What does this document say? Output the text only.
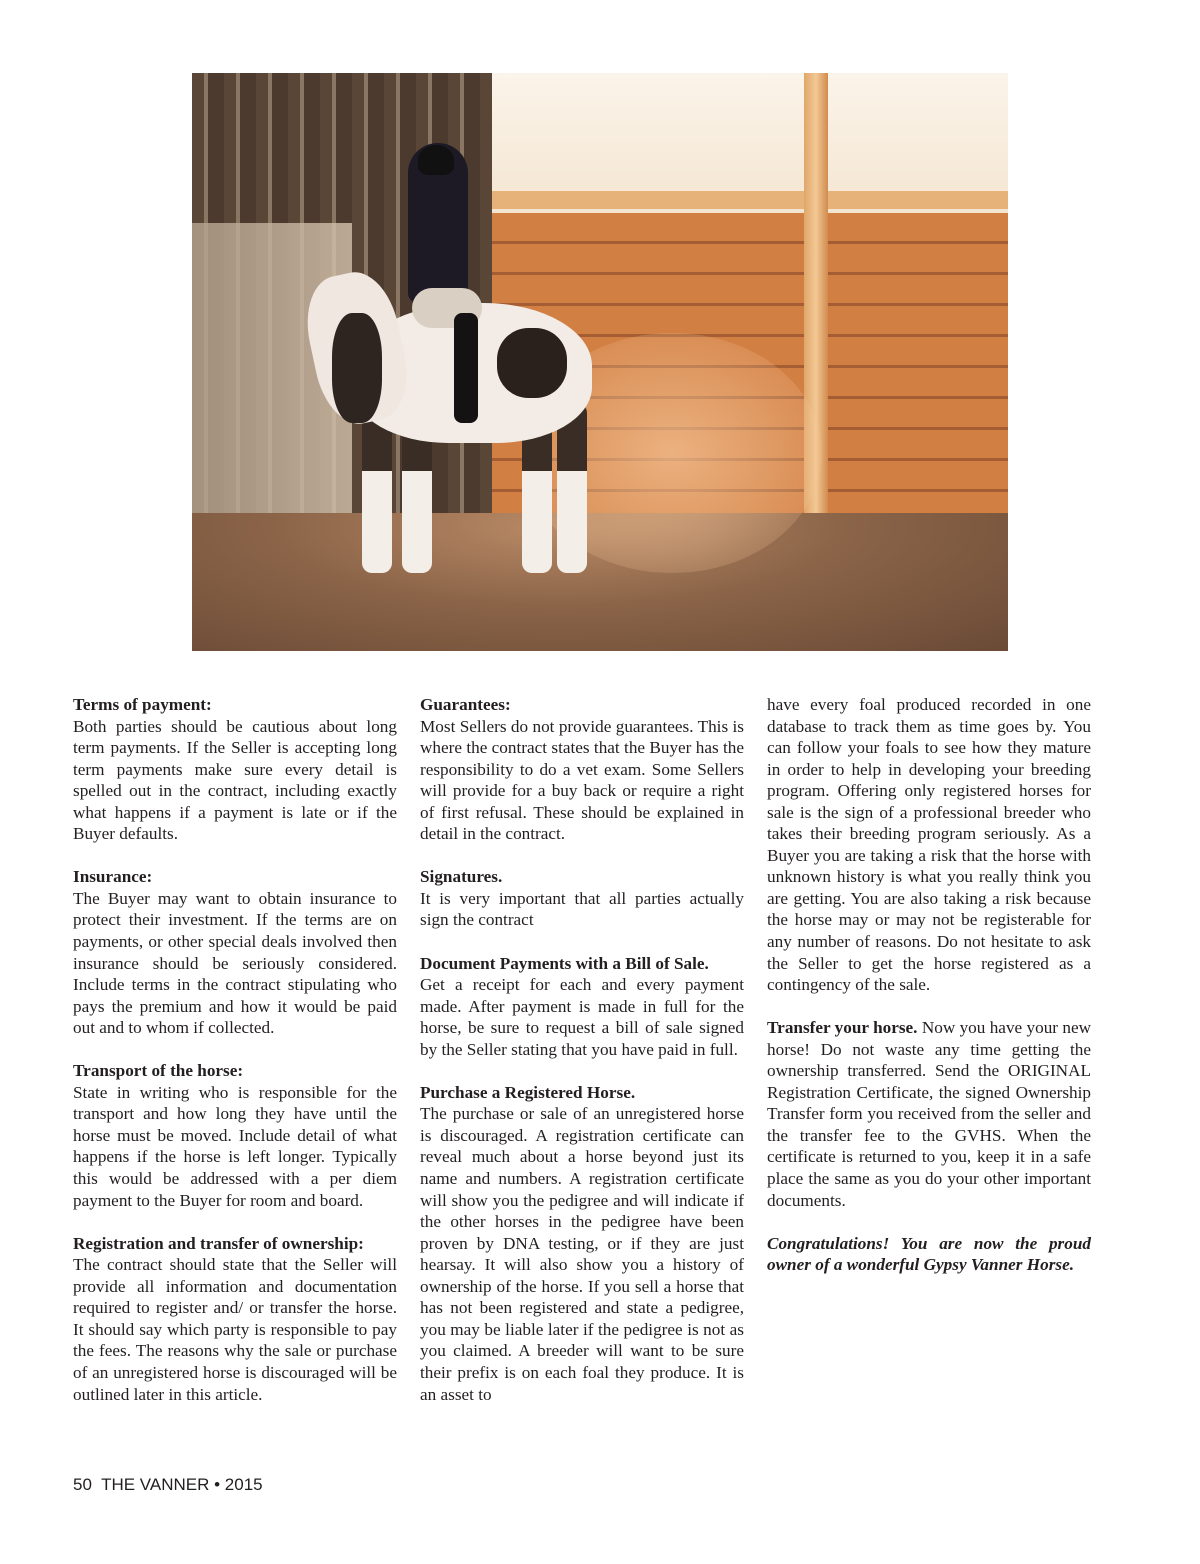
Terms of payment:

Both parties should be cautious about long term payments. If the Seller is accepting long term payments make sure every detail is spelled out in the contract, including exactly what happens if a payment is late or if the Buyer defaults.

Insurance:

The Buyer may want to obtain insurance to protect their investment. If the terms are on payments, or other special deals involved then insurance should be seriously considered. Include terms in the contract stipulating who pays the premium and how it would be paid out and to whom if collected.

Transport of the horse:

State in writing who is responsible for the transport and how long they have until the horse must be moved. Include detail of what happens if the horse is left longer. Typically this would be addressed with a per diem payment to the Buyer for room and board.

Registration and transfer of ownership:

The contract should state that the Seller will provide all information and documentation required to register and/ or transfer the horse. It should say which party is responsible to pay the fees. The reasons why the sale or purchase of an unregistered horse is discouraged will be outlined later in this article.

Guarantees:

Most Sellers do not provide guarantees. This is where the contract states that the Buyer has the responsibility to do a vet exam. Some Sellers will provide for a buy back or require a right of first refusal. These should be explained in detail in the contract.

Signatures.

It is very important that all parties actually sign the contract

Document Payments with a Bill of Sale.

Get a receipt for each and every payment made. After payment is made in full for the horse, be sure to request a bill of sale signed by the Seller stating that you have paid in full.

Purchase a Registered Horse.

The purchase or sale of an unregistered horse is discouraged. A registration certificate can reveal much about a horse beyond just its name and numbers. A registration certificate will show you the pedigree and will indicate if the other horses in the pedigree have been proven by DNA testing, or if they are just hearsay. It will also show you a history of ownership of the horse. If you sell a horse that has not been registered and state a pedigree, you may be liable later if the pedigree is not as you claimed. A breeder will want to be sure their prefix is on each foal they produce. It is an asset to

have every foal produced recorded in one database to track them as time goes by. You can follow your foals to see how they mature in order to help in developing your breeding program. Offering only registered horses for sale is the sign of a professional breeder who takes their breeding program seriously. As a Buyer you are taking a risk that the horse with unknown history is what you really think you are getting. You are also taking a risk because the horse may or may not be registerable for any number of reasons. Do not hesitate to ask the Seller to get the horse registered as a contingency of the sale.

Transfer your horse. Now you have your new horse! Do not waste any time getting the ownership transferred. Send the ORIGINAL Registration Certificate, the signed Ownership Transfer form you received from the seller and the transfer fee to the GVHS. When the certificate is returned to you, keep it in a safe place the same as you do your other important documents.

Congratulations! You are now the proud owner of a wonderful Gypsy Vanner Horse.

50 THE VANNER • 2015
